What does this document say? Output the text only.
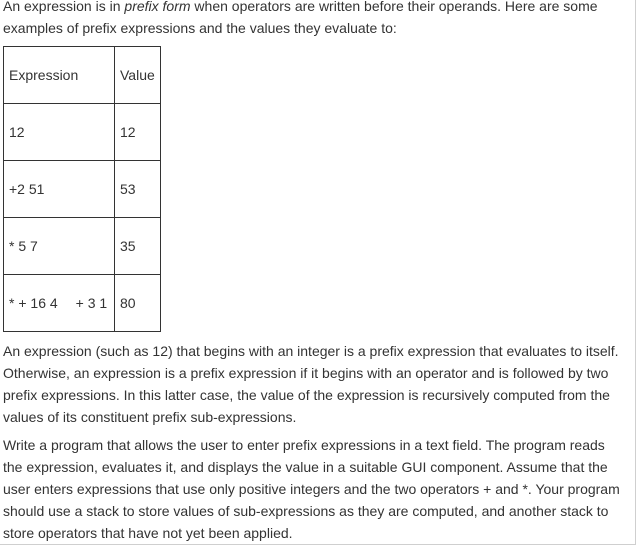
An expression is in prefix form when operators are written before their operands. Here are some examples of prefix expressions and the values they evaluate to:

Expression	Value
12	12
+2 51	53
* 5 7	35
* + 16 4 + 3 1	80

An expression (such as 12) that begins with an integer is a prefix expression that evaluates to itself. Otherwise, an expression is a prefix expression if it begins with an operator and is followed by two prefix expressions. In this latter case, the value of the expression is recursively computed from the values of its constituent prefix sub-expressions.

Write a program that allows the user to enter prefix expressions in a text field. The program reads the expression, evaluates it, and displays the value in a suitable GUI component. Assume that the user enters expressions that use only positive integers and the two operators + and *. Your program should use a stack to store values of sub-expressions as they are computed, and another stack to store operators that have not yet been applied.
